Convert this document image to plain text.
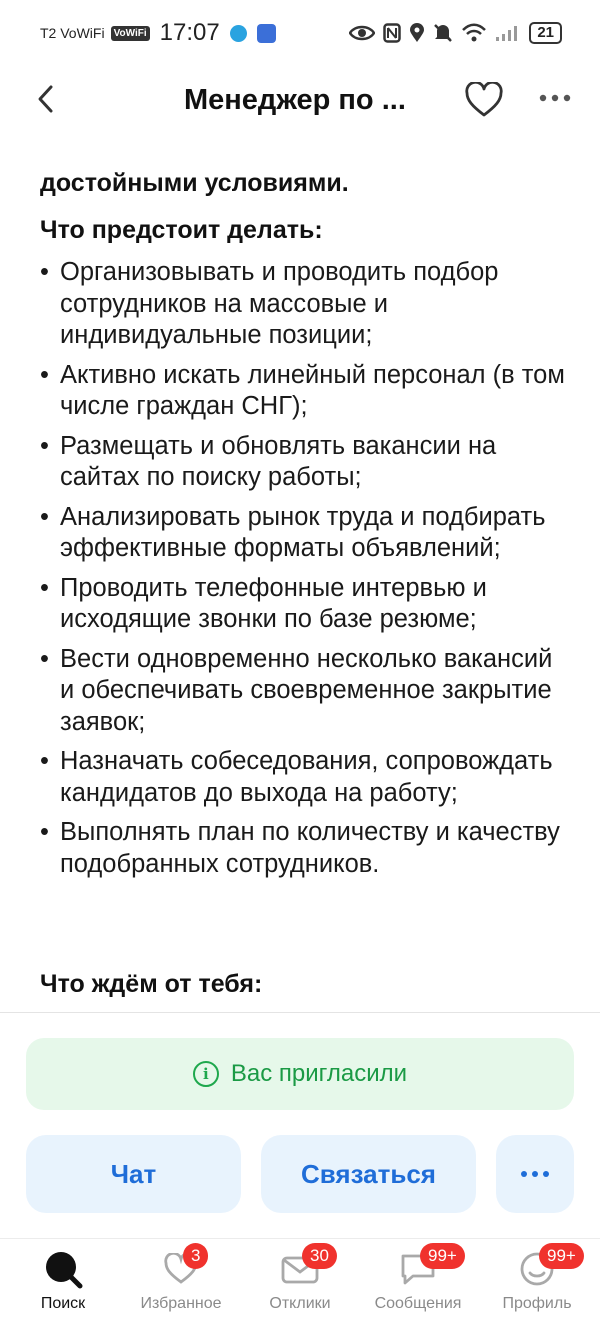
T2 VoWiFi VoWiFi 17:07	21
Менеджер по ...

достойными условиями.
Что предстоит делать:
• Организовывать и проводить подбор сотрудников на массовые и индивидуальные позиции;
• Активно искать линейный персонал (в том числе граждан СНГ);
• Размещать и обновлять вакансии на сайтах по поиску работы;
• Анализировать рынок труда и подбирать эффективные форматы объявлений;
• Проводить телефонные интервью и исходящие звонки по базе резюме;
• Вести одновременно несколько вакансий и обеспечивать своевременное закрытие заявок;
• Назначать собеседования, сопровождать кандидатов до выхода на работу;
• Выполнять план по количеству и качеству подобранных сотрудников.
Что ждём от тебя:
i Вас пригласили
Чат	Связаться
Поиск
3
Избранное
30
Отклики
99+
Сообщения
99+
Профиль
